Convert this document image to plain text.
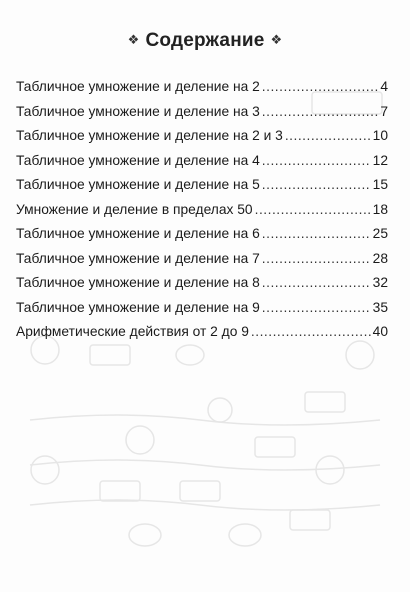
❖ Содержание ❖
Табличное умножение и деление на 2 .....	4
Табличное умножение и деление на 3 .....	7
Табличное умножение и деление на 2 и 3 .....	10
Табличное умножение и деление на 4 .....	12
Табличное умножение и деление на 5 .....	15
Умножение и деление в пределах 50 .....	18
Табличное умножение и деление на 6 .....	25
Табличное умножение и деление на 7 .....	28
Табличное умножение и деление на 8 .....	32
Табличное умножение и деление на 9 .....	35
Арифметические действия от 2 до 9 .....	40
